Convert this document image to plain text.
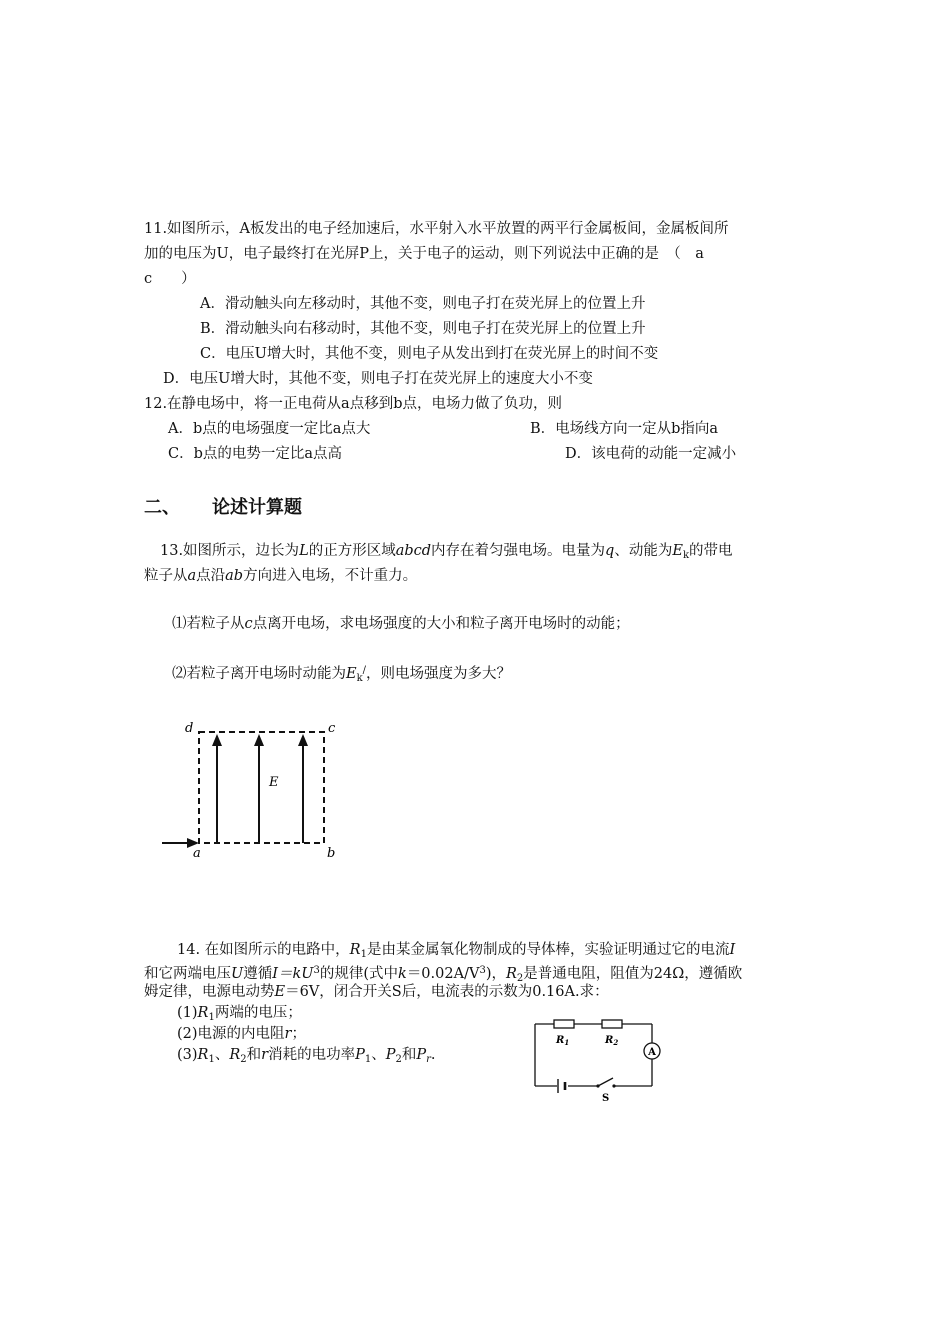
11.如图所示，A板发出的电子经加速后，水平射入水平放置的两平行金属板间，金属板间所
加的电压为U，电子最终打在光屏P上，关于电子的运动，则下列说法中正确的是　（　a
c　　）
A．滑动触头向左移动时，其他不变，则电子打在荧光屏上的位置上升
B．滑动触头向右移动时，其他不变，则电子打在荧光屏上的位置上升
C．电压U增大时，其他不变，则电子从发出到打在荧光屏上的时间不变
D．电压U增大时，其他不变，则电子打在荧光屏上的速度大小不变
12.在静电场中，将一正电荷从a点移到b点，电场力做了负功，则
A．b点的电场强度一定比a点大	B．电场线方向一定从b指向a
C．b点的电势一定比a点高	D．该电荷的动能一定减小
二、 论述计算题
13.如图所示，边长为L的正方形区域abcd内存在着匀强电场。电量为q、动能为$E_k$的带电
粒子从a点沿ab方向进入电场，不计重力。
⑴若粒子从c点离开电场，求电场强度的大小和粒子离开电场时的动能；
⑵若粒子离开电场时动能为$E_k^/$，则电场强度为多大？
d	c
a	b
E
14. 在如图所示的电路中，$R_1$是由某金属氧化物制成的导体棒，实验证明通过它的电流I
和它两端电压U遵循$I=kU^3$的规律(式中$k=0.02A/V^3$)，$R_2$是普通电阻，阻值为24Ω，遵循欧
姆定律，电源电动势E＝6V，闭合开关S后，电流表的示数为0.16A.求：
$(1)R_1$两端的电压；
(2)电源的内电阻r；
$(3)R_1$、$R_2$和r消耗的电功率$P_1$、$P_2$和$P_r$.
$R_1$	$R_2$
A
S
